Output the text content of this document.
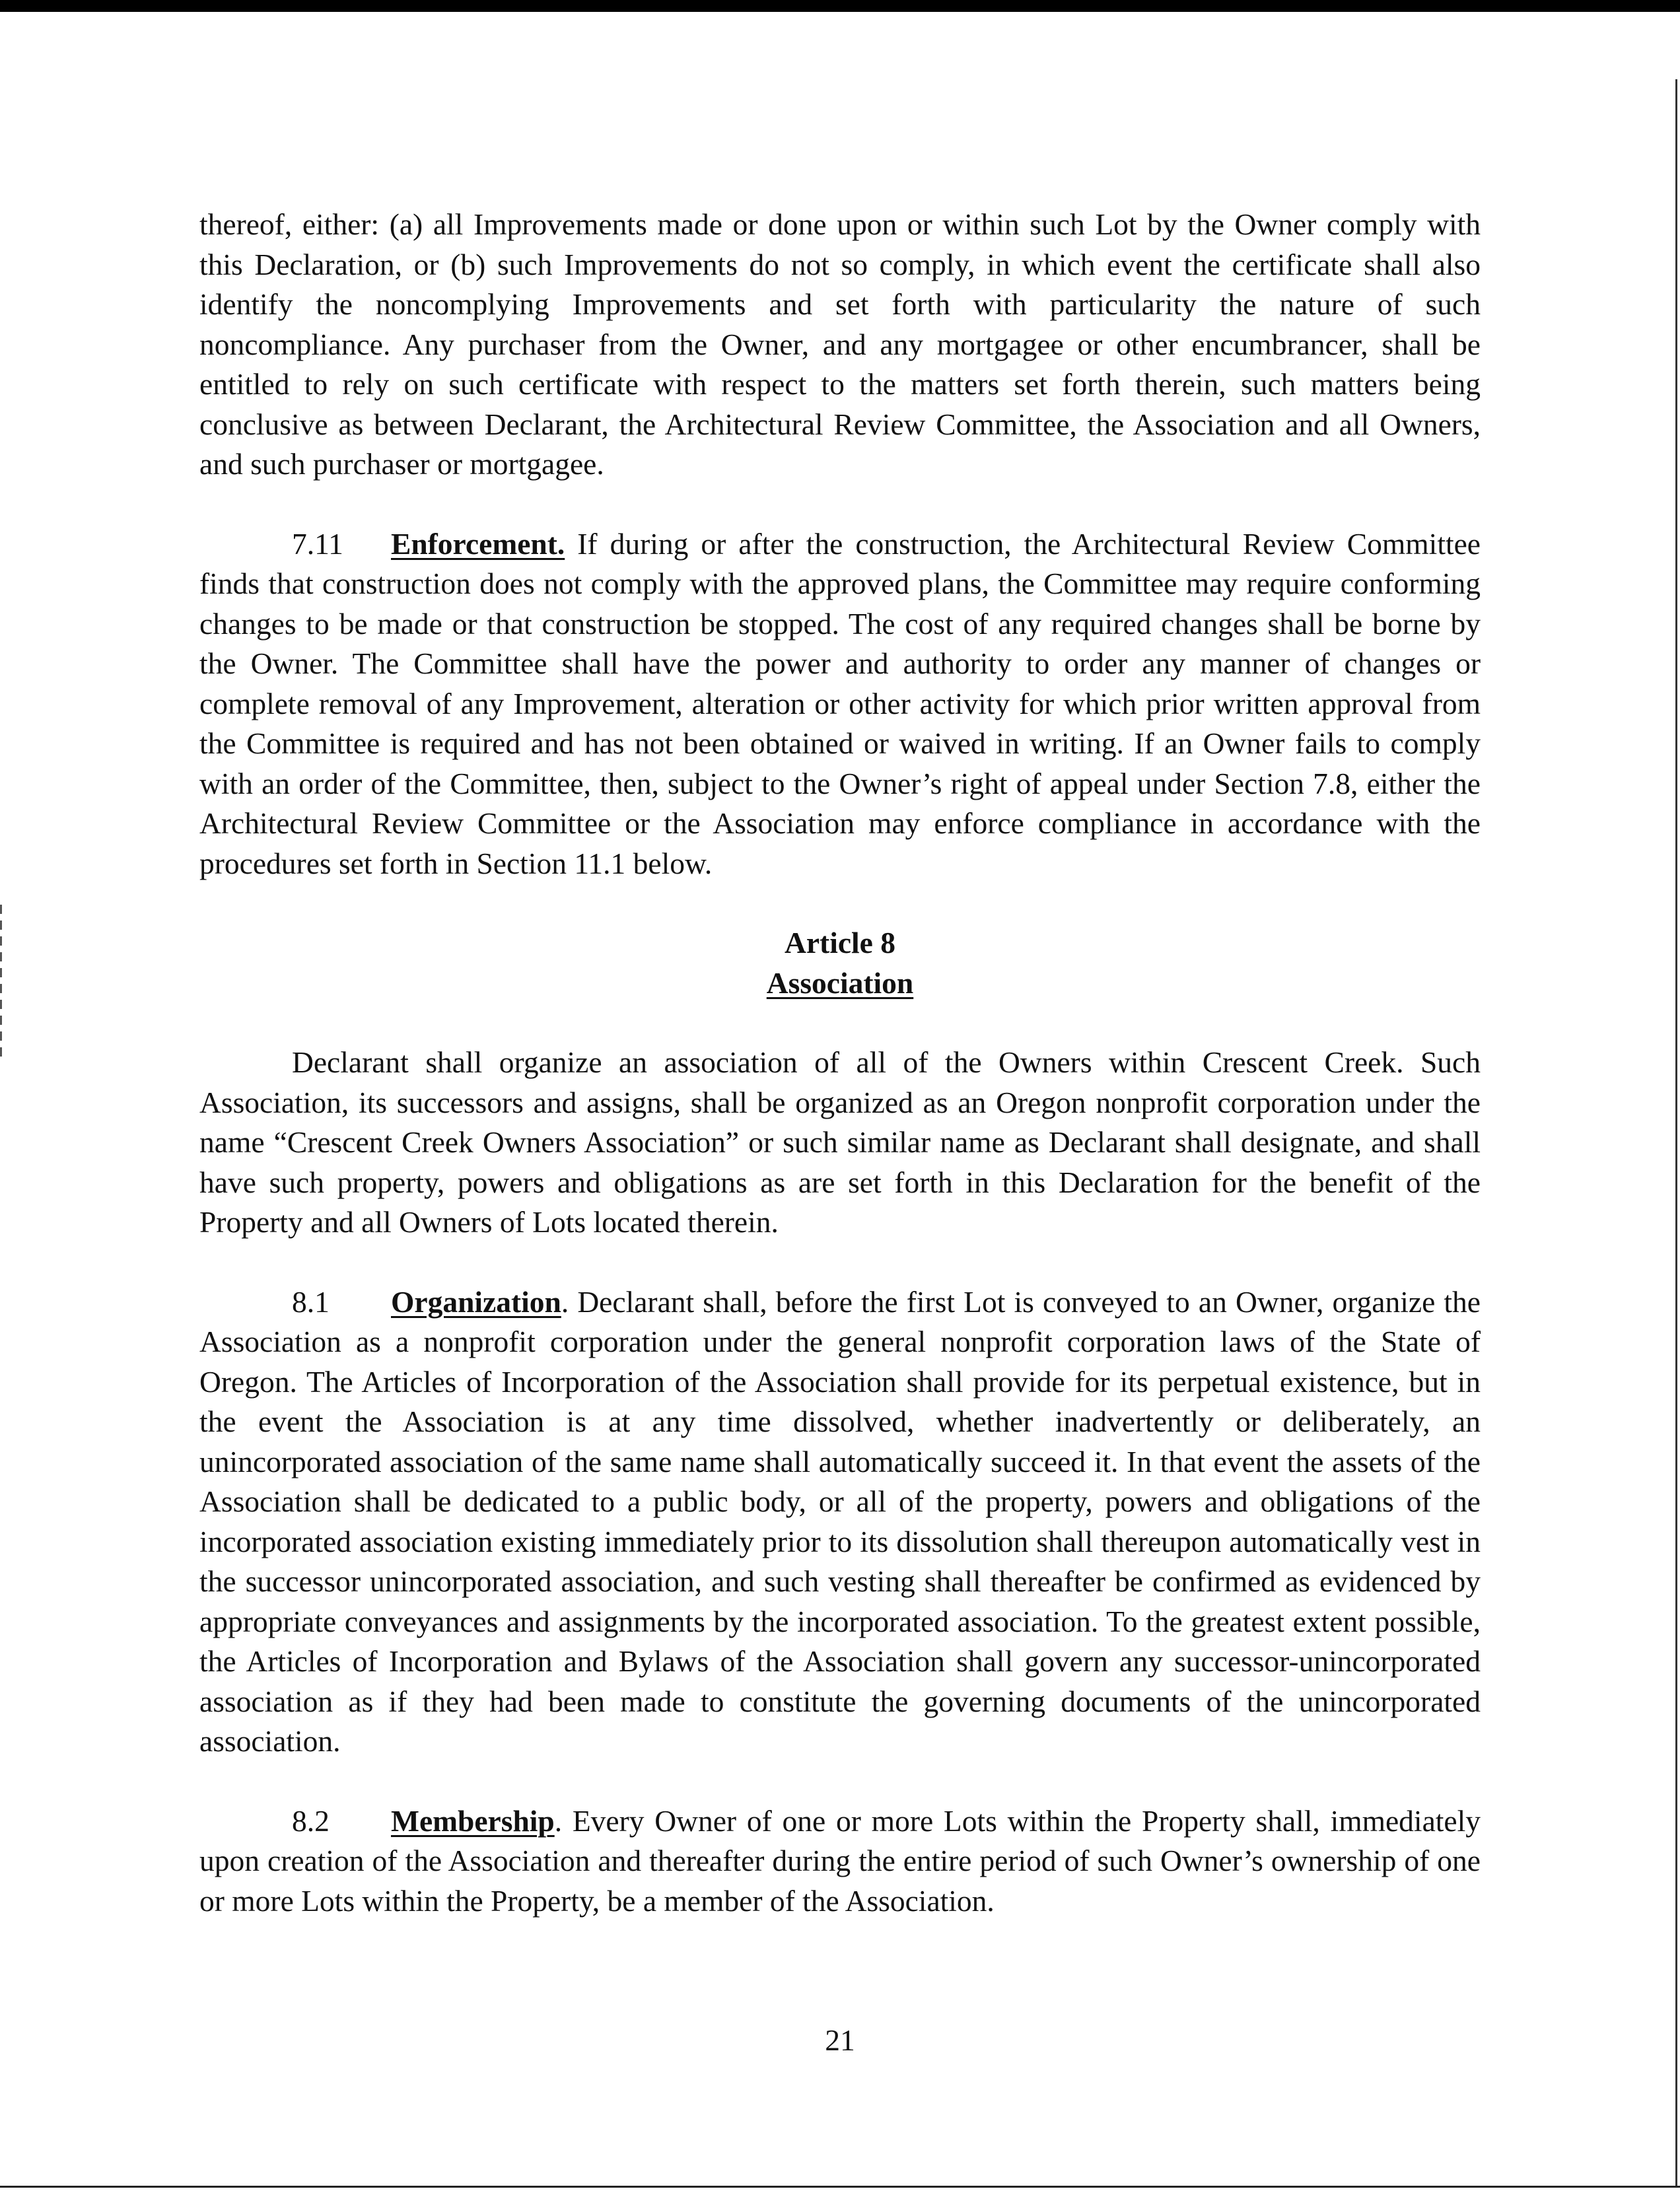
thereof, either: (a) all Improvements made or done upon or within such Lot by the Owner comply with this Declaration, or (b) such Improvements do not so comply, in which event the certificate shall also identify the noncomplying Improvements and set forth with particularity the nature of such noncompliance. Any purchaser from the Owner, and any mortgagee or other encumbrancer, shall be entitled to rely on such certificate with respect to the matters set forth therein, such matters being conclusive as between Declarant, the Architectural Review Committee, the Association and all Owners, and such purchaser or mortgagee.

7.11 Enforcement. If during or after the construction, the Architectural Review Committee finds that construction does not comply with the approved plans, the Committee may require conforming changes to be made or that construction be stopped. The cost of any required changes shall be borne by the Owner. The Committee shall have the power and authority to order any manner of changes or complete removal of any Improvement, alteration or other activity for which prior written approval from the Committee is required and has not been obtained or waived in writing. If an Owner fails to comply with an order of the Committee, then, subject to the Owner’s right of appeal under Section 7.8, either the Architectural Review Committee or the Association may enforce compliance in accordance with the procedures set forth in Section 11.1 below.

Article 8
Association

Declarant shall organize an association of all of the Owners within Crescent Creek. Such Association, its successors and assigns, shall be organized as an Oregon nonprofit corporation under the name “Crescent Creek Owners Association” or such similar name as Declarant shall designate, and shall have such property, powers and obligations as are set forth in this Declaration for the benefit of the Property and all Owners of Lots located therein.

8.1 Organization. Declarant shall, before the first Lot is conveyed to an Owner, organize the Association as a nonprofit corporation under the general nonprofit corporation laws of the State of Oregon. The Articles of Incorporation of the Association shall provide for its perpetual existence, but in the event the Association is at any time dissolved, whether inadvertently or deliberately, an unincorporated association of the same name shall automatically succeed it. In that event the assets of the Association shall be dedicated to a public body, or all of the property, powers and obligations of the incorporated association existing immediately prior to its dissolution shall thereupon automatically vest in the successor unincorporated association, and such vesting shall thereafter be confirmed as evidenced by appropriate conveyances and assignments by the incorporated association. To the greatest extent possible, the Articles of Incorporation and Bylaws of the Association shall govern any successor-unincorporated association as if they had been made to constitute the governing documents of the unincorporated association.

8.2 Membership. Every Owner of one or more Lots within the Property shall, immediately upon creation of the Association and thereafter during the entire period of such Owner’s ownership of one or more Lots within the Property, be a member of the Association.

21
